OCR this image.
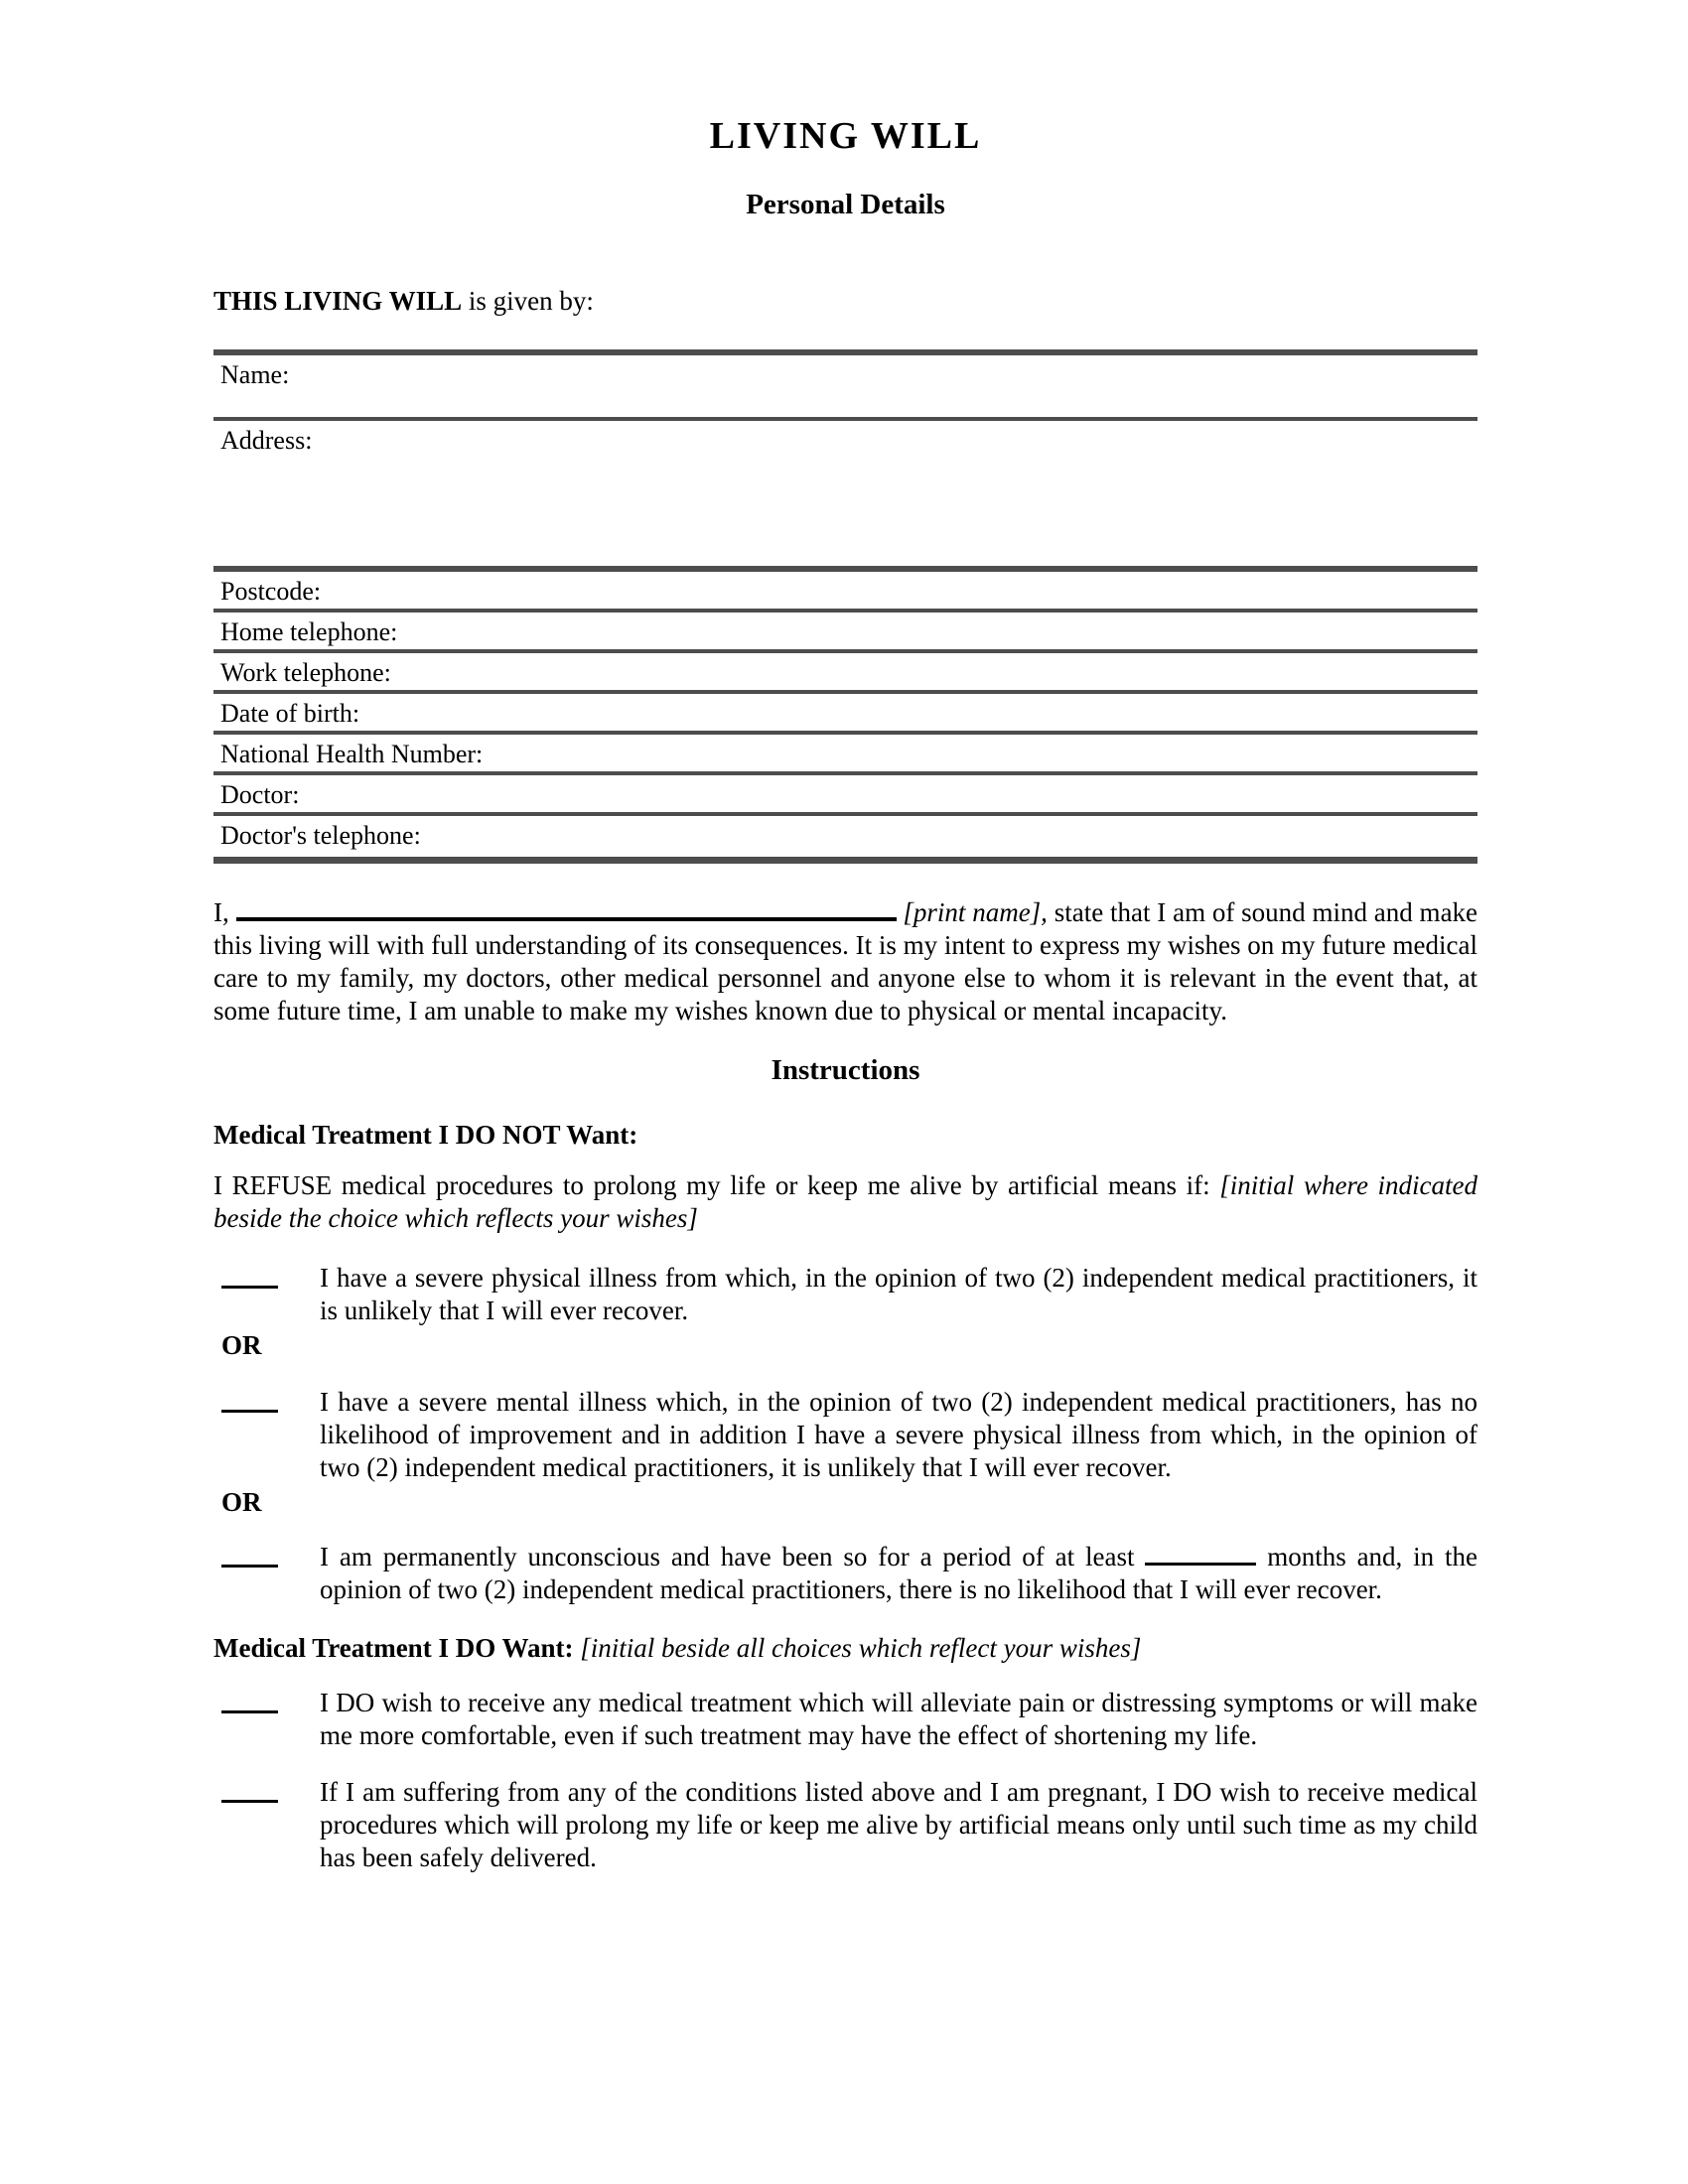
LIVING WILL
Personal Details

THIS LIVING WILL is given by:

Name:
Address:
Postcode:
Home telephone:
Work telephone:
Date of birth:
National Health Number:
Doctor:
Doctor's telephone:

I,	[print name], state that I am of sound mind and make this living will with full understanding of its consequences. It is my intent to express my wishes on my future medical care to my family, my doctors, other medical personnel and anyone else to whom it is relevant in the event that, at some future time, I am unable to make my wishes known due to physical or mental incapacity.

Instructions

Medical Treatment I DO NOT Want:

I REFUSE medical procedures to prolong my life or keep me alive by artificial means if: [initial where indicated beside the choice which reflects your wishes]

I have a severe physical illness from which, in the opinion of two (2) independent medical practitioners, it is unlikely that I will ever recover.
OR
I have a severe mental illness which, in the opinion of two (2) independent medical practitioners, has no likelihood of improvement and in addition I have a severe physical illness from which, in the opinion of two (2) independent medical practitioners, it is unlikely that I will ever recover.
OR
I am permanently unconscious and have been so for a period of at least	months and, in the opinion of two (2) independent medical practitioners, there is no likelihood that I will ever recover.

Medical Treatment I DO Want: [initial beside all choices which reflect your wishes]

I DO wish to receive any medical treatment which will alleviate pain or distressing symptoms or will make me more comfortable, even if such treatment may have the effect of shortening my life.
If I am suffering from any of the conditions listed above and I am pregnant, I DO wish to receive medical procedures which will prolong my life or keep me alive by artificial means only until such time as my child has been safely delivered.
